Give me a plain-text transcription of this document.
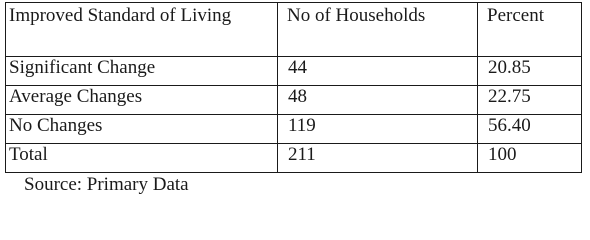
Improved Standard of Living	No of Households	Percent
Significant Change	44	20.85
Average Changes	48	22.75
No Changes	119	56.40
Total	211	100
Source: Primary Data
